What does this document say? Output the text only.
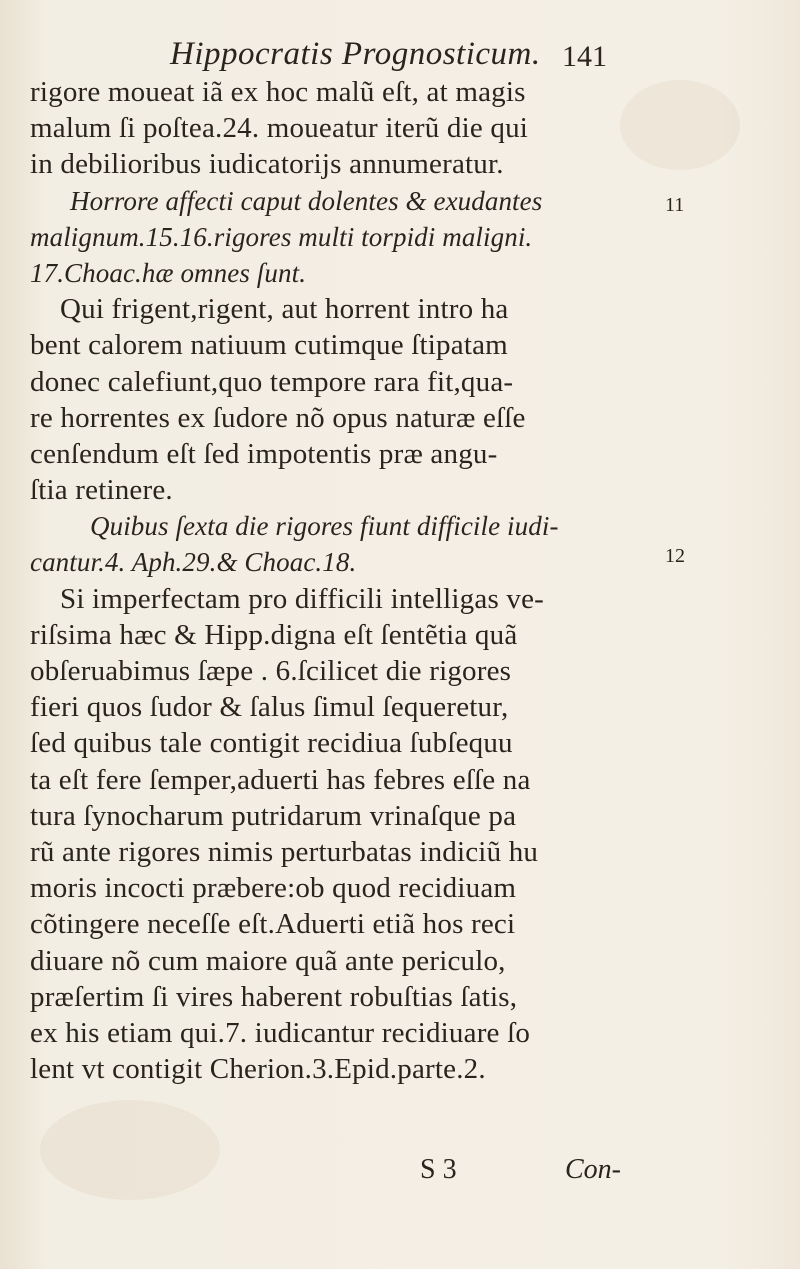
Hippocratis Prognosticum. 141
rigore moueat iã ex hoc malũ eſt, at magis
malum ſi poſtea.24. moueatur iterũ die qui
in debilioribus iudicatorijs annumeratur.
Horrore affecti caput dolentes & exudantes
malignum.15.16.rigores multi torpidi maligni.
17.Choac.hæ omnes ſunt.
Qui frigent,rigent, aut horrent intro ha
bent calorem natiuum cutimque ſtipatam
donec calefiunt,quo tempore rara fit,qua-
re horrentes ex ſudore nõ opus naturæ eſſe
cenſendum eſt ſed impotentis præ angu-
ſtia retinere.
Quibus ſexta die rigores fiunt difficile iudi-
cantur.4. Aph.29.& Choac.18.
Si imperfectam pro difficili intelligas ve-
riſsima hæc & Hipp.digna eſt ſentẽtia quã
obſeruabimus ſæpe . 6.ſcilicet die rigores
fieri quos ſudor & ſalus ſimul ſequeretur,
ſed quibus tale contigit recidiua ſubſequu
ta eſt fere ſemper,aduerti has febres eſſe na
tura ſynocharum putridarum vrinaſque pa
rũ ante rigores nimis perturbatas indiciũ hu
moris incocti præbere:ob quod recidiuam
cõtingere neceſſe eſt.Aduerti etiã hos reci
diuare nõ cum maiore quã ante periculo,
præſertim ſi vires haberent robuſtias ſatis,
ex his etiam qui.7. iudicantur recidiuare ſo
lent vt contigit Cherion.3.Epid.parte.2.
11
12
S 3	Con-
